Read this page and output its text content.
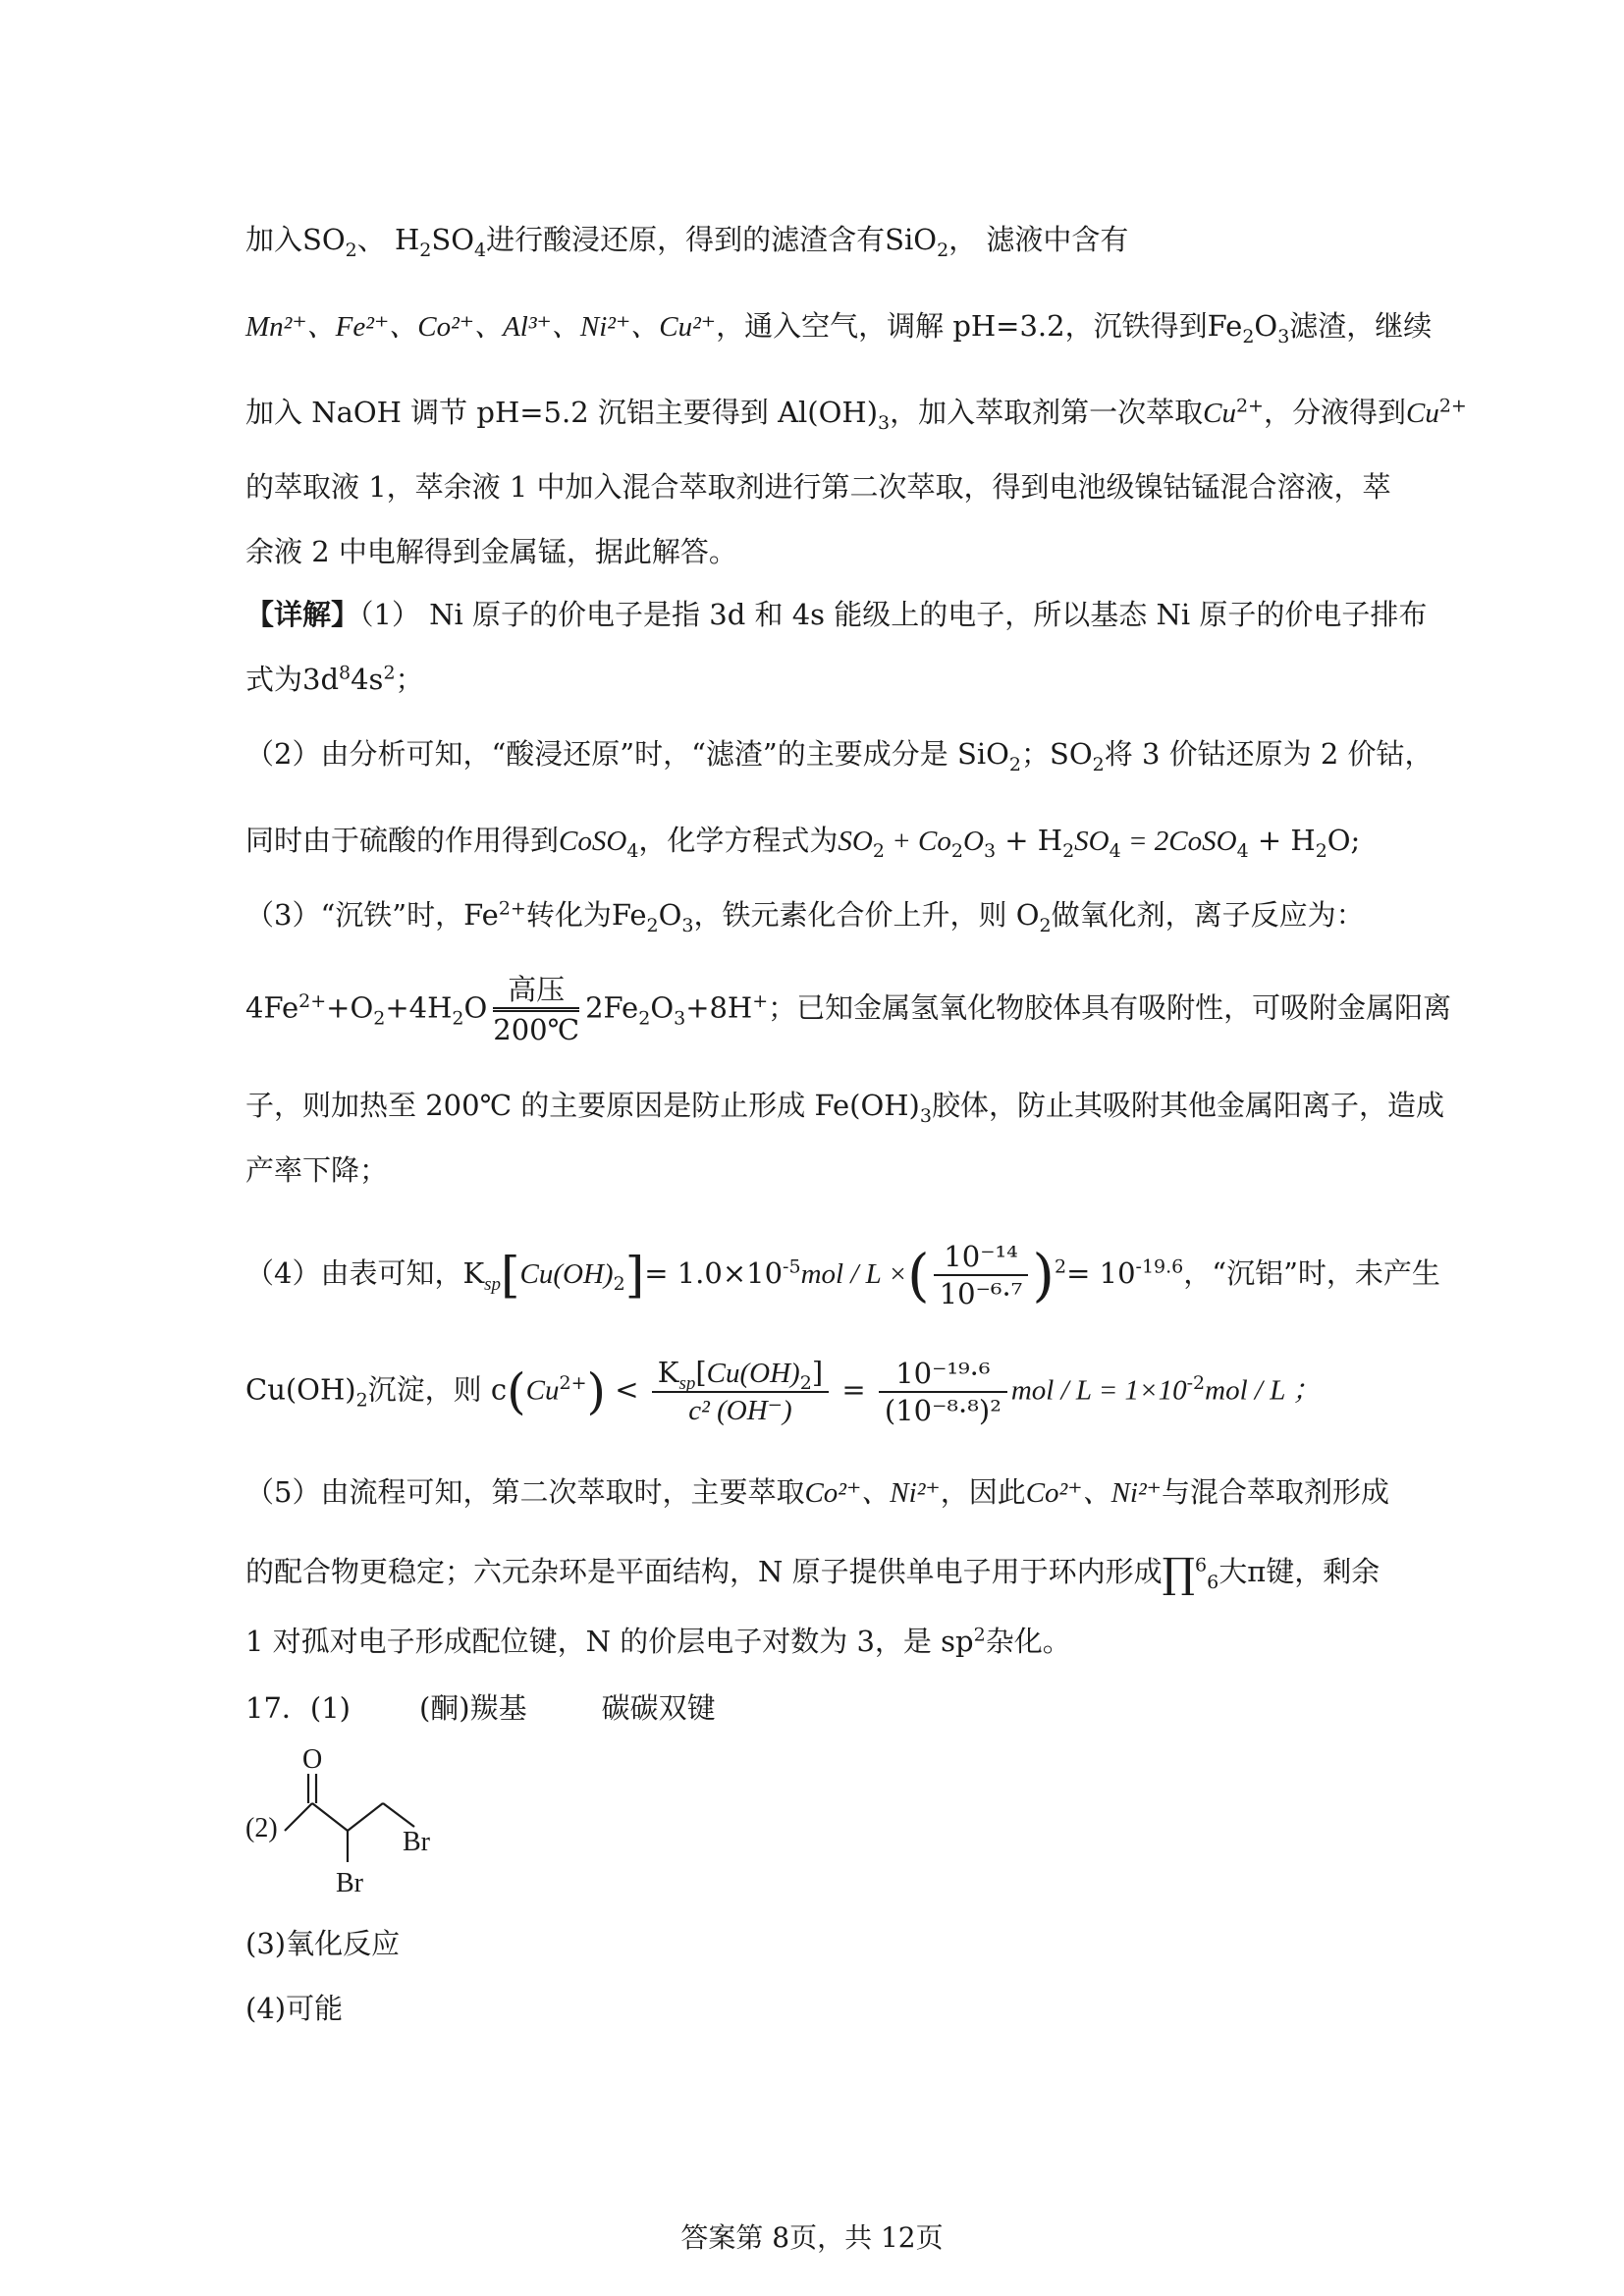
加入$SO_2$、 $H_2SO_4$进行酸浸还原，得到的滤渣含有SiO$_2$， 滤液中含有
Mn²⁺、Fe²⁺、Co²⁺、Al³⁺、Ni²⁺、Cu²⁺，通入空气，调解 pH=3.2，沉铁得到$Fe_2O_3$滤渣，继续
加入 NaOH 调节 pH=5.2 沉铝主要得到 $Al(OH)_3$，加入萃取剂第一次萃取$Cu^{2+}$，分液得到$Cu^{2+}$
的萃取液 1，萃余液 1 中加入混合萃取剂进行第二次萃取，得到电池级镍钴锰混合溶液，萃
余液 2 中电解得到金属锰，据此解答。
【详解】（1） Ni 原子的价电子是指 3d 和 4s 能级上的电子，所以基态 Ni 原子的价电子排布
式为$3d^84s^2$；
（2）由分析可知，“酸浸还原”时，“滤渣”的主要成分是 SiO$_2$；$SO_2$将 3 价钴还原为 2 价钴，
同时由于硫酸的作用得到CoSO$_4$，化学方程式为$SO_2 + Co_2O_3 + H_2SO_4$ = 2CoSO$_4$ + $H_2O$;
（3）“沉铁”时，$Fe^{2+}$转化为$Fe_2O_3$，铁元素化合价上升，则 $O_2$做氧化剂，离子反应为：
$4Fe^{2+}+O_2+4H_2O$
高压
200℃
$2Fe_2O_3+8H^+$；已知金属氢氧化物胶体具有吸附性，可吸附金属阳离
子，则加热至 200℃ 的主要原因是防止形成 $Fe(OH)_3$胶体，防止其吸附其他金属阳离子，造成
产率下降；
（4）由表可知，$K_{sp}[Cu(OH)_2]= 1.0\times 10^{-5}mol / L$ ×( $\frac{\text{10⁻¹⁴}}{\text{10⁻⁶·⁷}} )^2= 10^{-19.6}$，“沉铝”时，未产生
$Cu(OH)_2$沉淀，则 $c(Cu^{2+}) < \frac{K_{sp}[Cu(OH)_2]}{\text{c² (OH⁻)}} = \frac{\text{10⁻¹⁹·⁶}}{\text{(10⁻⁸·⁸)²}}$ mol / $L = 1\times 10^{-2}mol / L$ ；
（5）由流程可知，第二次萃取时，主要萃取Co²⁺、Ni²⁺，因此Co²⁺、Ni²⁺与混合萃取剂形成
的配合物更稳定；六元杂环是平面结构，N 原子提供单电子用于环内形成∏$^6_6$大π键，剩余
1 对孤对电子形成配位键，N 的价层电子对数为 3，是 $sp^2$杂化。
17．(1) (酮)羰基	碳碳双键
(2)
O
Br
Br
(3)氧化反应
(4)可能
答案第 8页，共 12页
